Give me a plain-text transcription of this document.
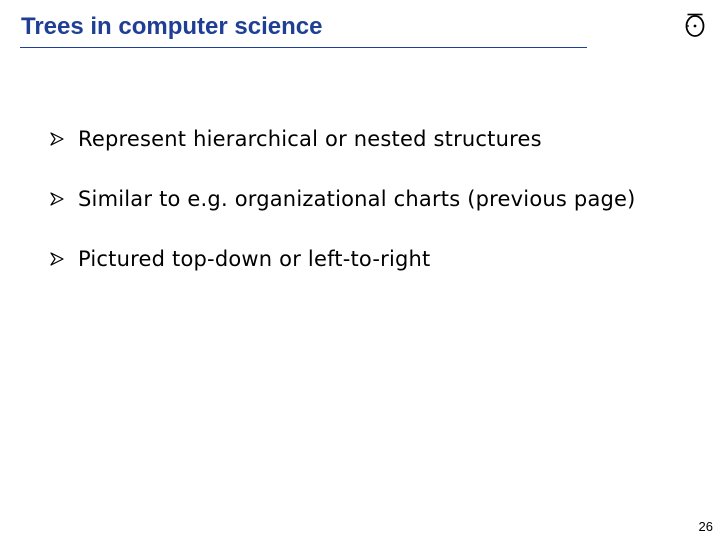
Trees in computer science
Represent hierarchical or nested structures
Similar to e.g. organizational charts (previous page)
Pictured top-down or left-to-right
26
